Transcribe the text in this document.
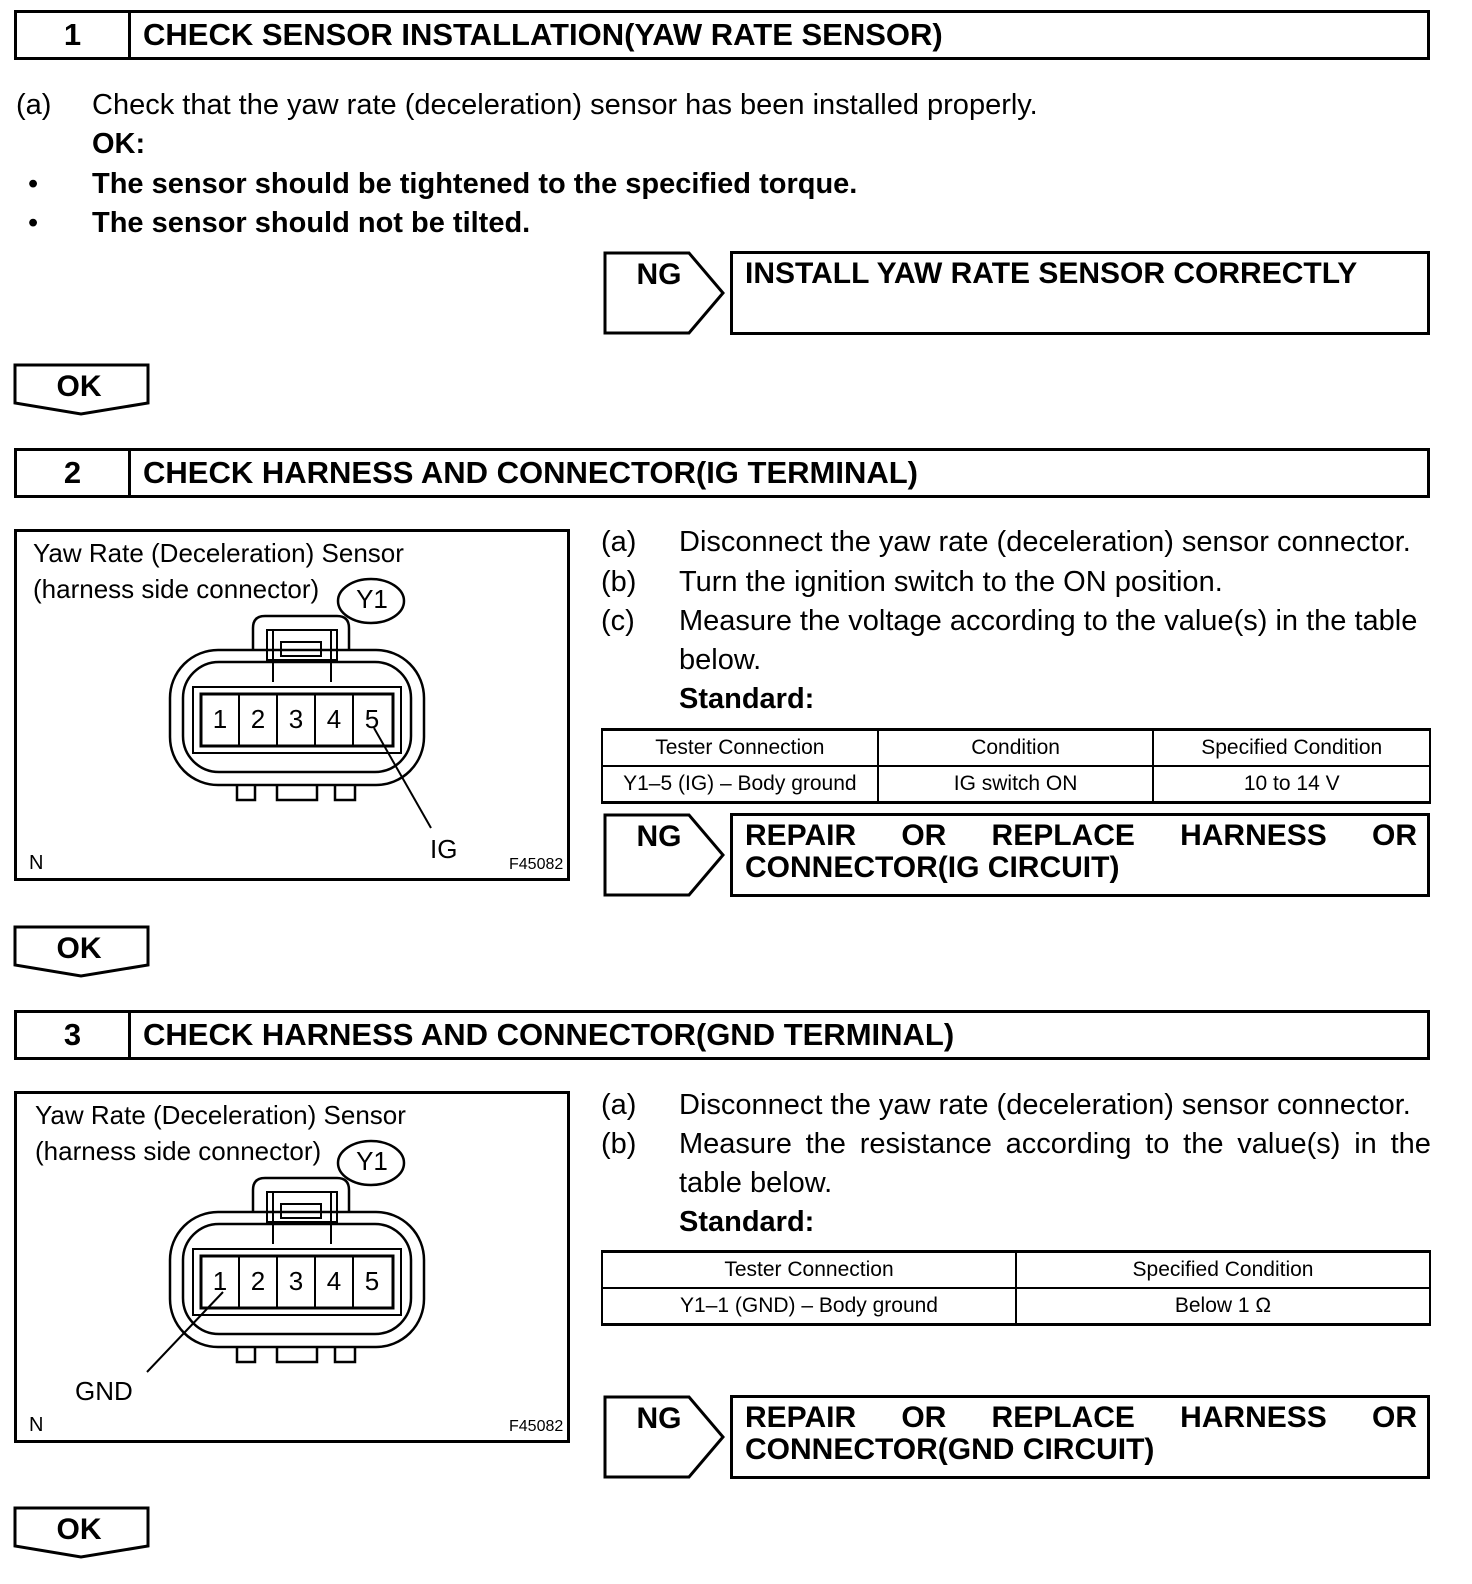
1	CHECK SENSOR INSTALLATION(YAW RATE SENSOR)
(a) Check that the yaw rate (deceleration) sensor has been installed properly.
OK:
• The sensor should be tightened to the specified torque.
• The sensor should not be tilted.
NG	INSTALL YAW RATE SENSOR CORRECTLY
OK
2	CHECK HARNESS AND CONNECTOR(IG TERMINAL)
Yaw Rate (Deceleration) Sensor
(harness side connector) Y1
1 2 3 4 5
IG
N	F45082
(a) Disconnect the yaw rate (deceleration) sensor connector.
(b) Turn the ignition switch to the ON position.
(c) Measure the voltage according to the value(s) in the table
below.
Standard:
Tester Connection	Condition	Specified Condition
Y1–5 (IG) – Body ground	IG switch ON	10 to 14 V
NG	REPAIR OR REPLACE HARNESS OR
CONNECTOR(IG CIRCUIT)
OK
3	CHECK HARNESS AND CONNECTOR(GND TERMINAL)
Yaw Rate (Deceleration) Sensor
(harness side connector) Y1
1 2 3 4 5
GND
N	F45082
(a) Disconnect the yaw rate (deceleration) sensor connector.
(b) Measure the resistance according to the value(s) in the
table below.
Standard:
Tester Connection	Specified Condition
Y1–1 (GND) – Body ground	Below 1 Ω
NG	REPAIR OR REPLACE HARNESS OR
CONNECTOR(GND CIRCUIT)
OK
